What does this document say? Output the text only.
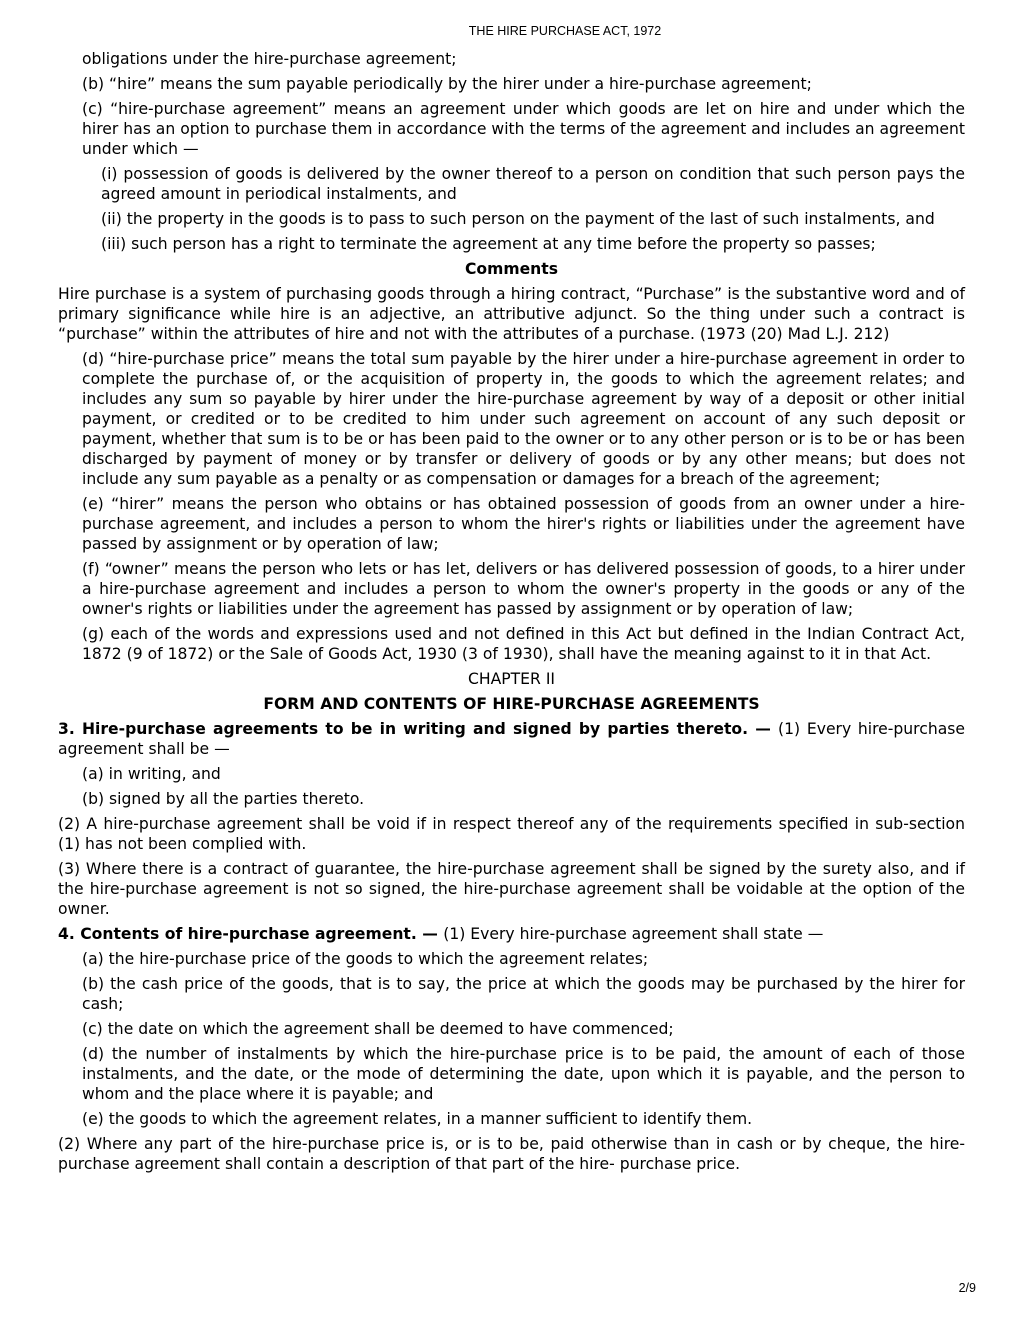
THE HIRE PURCHASE ACT, 1972
obligations under the hire-purchase agreement;
(b) “hire” means the sum payable periodically by the hirer under a hire-purchase agreement;
(c) “hire-purchase agreement” means an agreement under which goods are let on hire and under which the hirer has an option to purchase them in accordance with the terms of the agreement and includes an agreement under which —
(i) possession of goods is delivered by the owner thereof to a person on condition that such person pays the agreed amount in periodical instalments, and
(ii) the property in the goods is to pass to such person on the payment of the last of such instalments, and
(iii) such person has a right to terminate the agreement at any time before the property so passes;
Comments
Hire purchase is a system of purchasing goods through a hiring contract, “Purchase” is the substantive word and of primary significance while hire is an adjective, an attributive adjunct. So the thing under such a contract is “purchase” within the attributes of hire and not with the attributes of a purchase. (1973 (20) Mad L.J. 212)
(d) “hire-purchase price” means the total sum payable by the hirer under a hire-purchase agreement in order to complete the purchase of, or the acquisition of property in, the goods to which the agreement relates; and includes any sum so payable by hirer under the hire-purchase agreement by way of a deposit or other initial payment, or credited or to be credited to him under such agreement on account of any such deposit or payment, whether that sum is to be or has been paid to the owner or to any other person or is to be or has been discharged by payment of money or by transfer or delivery of goods or by any other means; but does not include any sum payable as a penalty or as compensation or damages for a breach of the agreement;
(e) “hirer” means the person who obtains or has obtained possession of goods from an owner under a hire-purchase agreement, and includes a person to whom the hirer's rights or liabilities under the agreement have passed by assignment or by operation of law;
(f) “owner” means the person who lets or has let, delivers or has delivered possession of goods, to a hirer under a hire-purchase agreement and includes a person to whom the owner's property in the goods or any of the owner's rights or liabilities under the agreement has passed by assignment or by operation of law;
(g) each of the words and expressions used and not defined in this Act but defined in the Indian Contract Act, 1872 (9 of 1872) or the Sale of Goods Act, 1930 (3 of 1930), shall have the meaning against to it in that Act.
CHAPTER II
FORM AND CONTENTS OF HIRE-PURCHASE AGREEMENTS
3. Hire-purchase agreements to be in writing and signed by parties thereto. — (1) Every hire-purchase agreement shall be —
(a) in writing, and
(b) signed by all the parties thereto.
(2) A hire-purchase agreement shall be void if in respect thereof any of the requirements specified in sub-section (1) has not been complied with.
(3) Where there is a contract of guarantee, the hire-purchase agreement shall be signed by the surety also, and if the hire-purchase agreement is not so signed, the hire-purchase agreement shall be voidable at the option of the owner.
4. Contents of hire-purchase agreement. — (1) Every hire-purchase agreement shall state —
(a) the hire-purchase price of the goods to which the agreement relates;
(b) the cash price of the goods, that is to say, the price at which the goods may be purchased by the hirer for cash;
(c) the date on which the agreement shall be deemed to have commenced;
(d) the number of instalments by which the hire-purchase price is to be paid, the amount of each of those instalments, and the date, or the mode of determining the date, upon which it is payable, and the person to whom and the place where it is payable; and
(e) the goods to which the agreement relates, in a manner sufficient to identify them.
(2) Where any part of the hire-purchase price is, or is to be, paid otherwise than in cash or by cheque, the hire-purchase agreement shall contain a description of that part of the hire- purchase price.
2/9
